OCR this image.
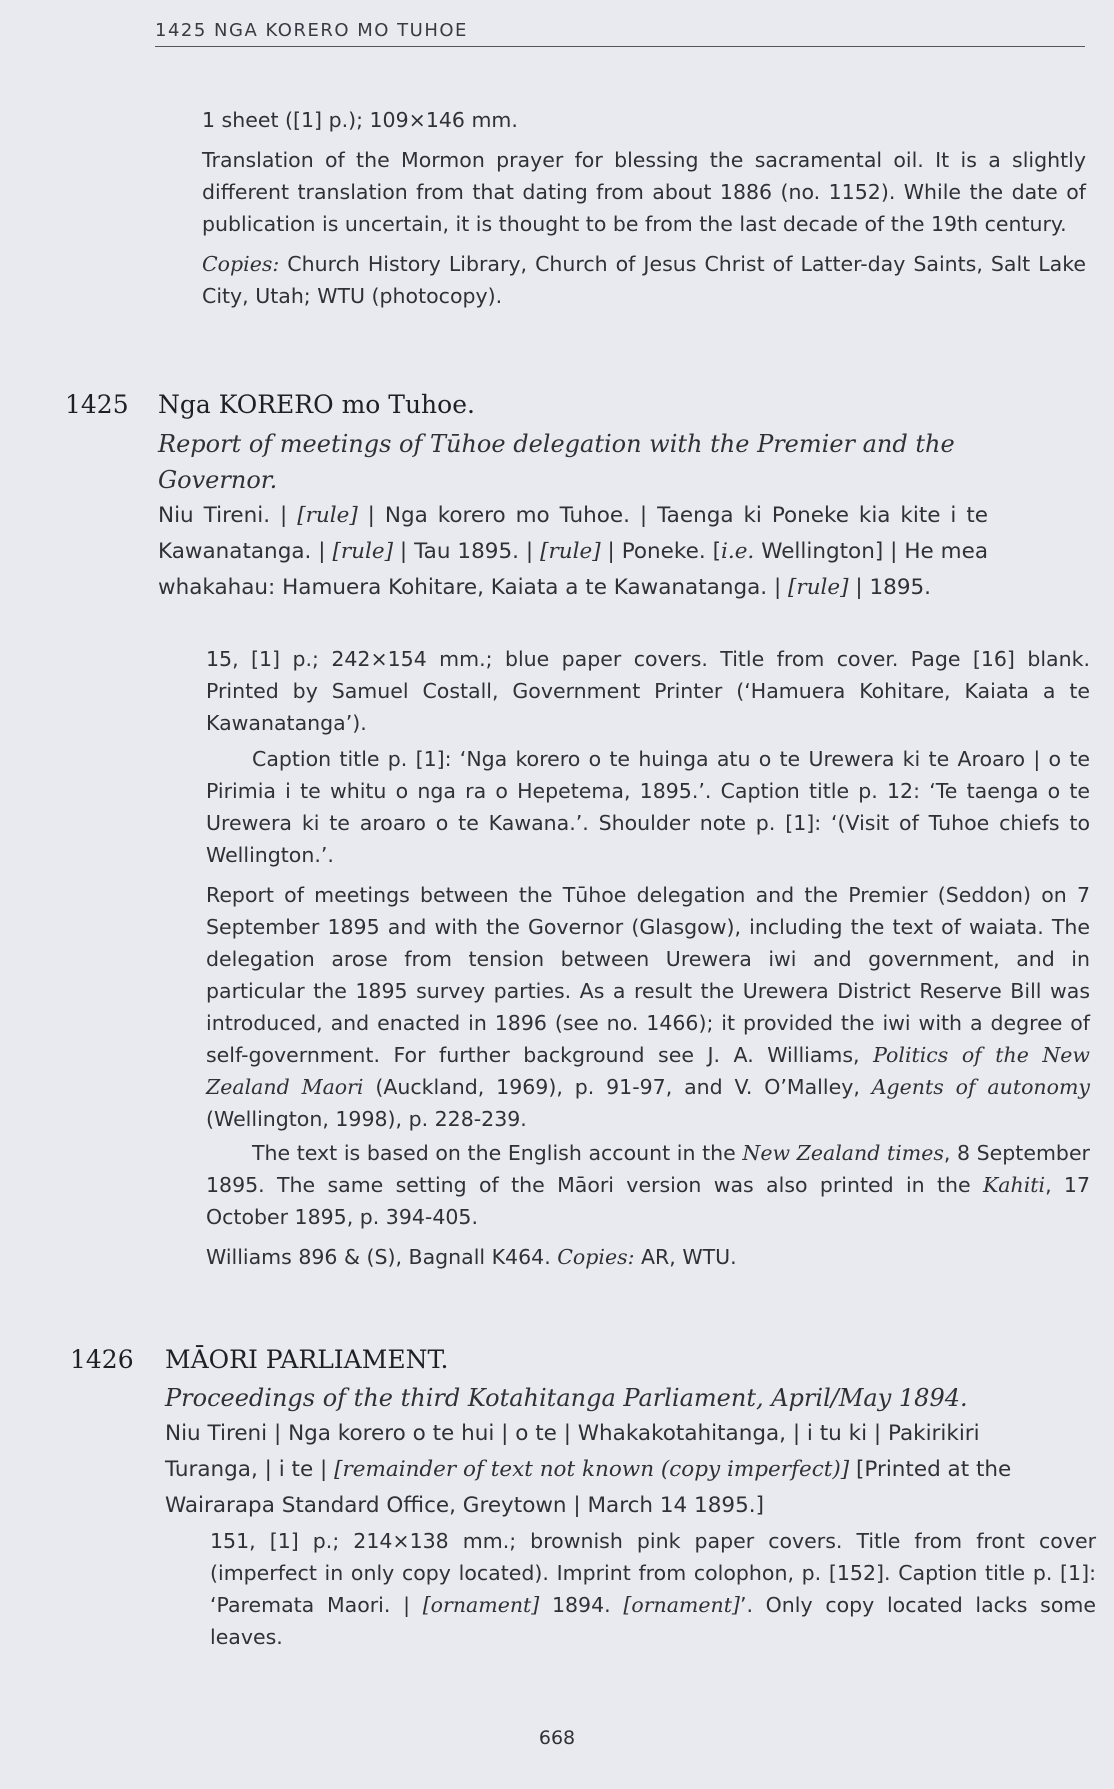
1425 NGA KORERO MO TUHOE

1 sheet ([1] p.); 109×146 mm.

Translation of the Mormon prayer for blessing the sacramental oil. It is a slightly different translation from that dating from about 1886 (no. 1152). While the date of publication is uncertain, it is thought to be from the last decade of the 19th century.

Copies: Church History Library, Church of Jesus Christ of Latter-day Saints, Salt Lake City, Utah; WTU (photocopy).

1425 Nga KORERO mo Tuhoe.

Report of meetings of Tūhoe delegation with the Premier and the Governor.

Niu Tireni. | [rule] | Nga korero mo Tuhoe. | Taenga ki Poneke kia kite i te Kawanatanga. | [rule] | Tau 1895. | [rule] | Poneke. [i.e. Wellington] | He mea whakahau: Hamuera Kohitare, Kaiata a te Kawanatanga. | [rule] | 1895.

15, [1] p.; 242×154 mm.; blue paper covers. Title from cover. Page [16] blank. Printed by Samuel Costall, Government Printer (‘Hamuera Kohitare, Kaiata a te Kawanatanga’).

Caption title p. [1]: ‘Nga korero o te huinga atu o te Urewera ki te Aroaro | o te Pirimia i te whitu o nga ra o Hepetema, 1895.’. Caption title p. 12: ‘Te taenga o te Urewera ki te aroaro o te Kawana.’. Shoulder note p. [1]: ‘(Visit of Tuhoe chiefs to Wellington.’.

Report of meetings between the Tūhoe delegation and the Premier (Seddon) on 7 September 1895 and with the Governor (Glasgow), including the text of waiata. The delegation arose from tension between Urewera iwi and government, and in particular the 1895 survey parties. As a result the Urewera District Reserve Bill was introduced, and enacted in 1896 (see no. 1466); it provided the iwi with a degree of self-government. For further background see J. A. Williams, Politics of the New Zealand Maori (Auckland, 1969), p. 91-97, and V. O’Malley, Agents of autonomy (Wellington, 1998), p. 228-239.

The text is based on the English account in the New Zealand times, 8 September 1895. The same setting of the Māori version was also printed in the Kahiti, 17 October 1895, p. 394-405.

Williams 896 & (S), Bagnall K464. Copies: AR, WTU.

1426 MĀORI PARLIAMENT.

Proceedings of the third Kotahitanga Parliament, April/May 1894.

Niu Tireni | Nga korero o te hui | o te | Whakakotahitanga, | i tu ki | Pakirikiri Turanga, | i te | [remainder of text not known (copy imperfect)] [Printed at the Wairarapa Standard Office, Greytown | March 14 1895.]

151, [1] p.; 214×138 mm.; brownish pink paper covers. Title from front cover (imperfect in only copy located). Imprint from colophon, p. [152]. Caption title p. [1]: ‘Paremata Maori. | [ornament] 1894. [ornament]’. Only copy located lacks some leaves.

668
